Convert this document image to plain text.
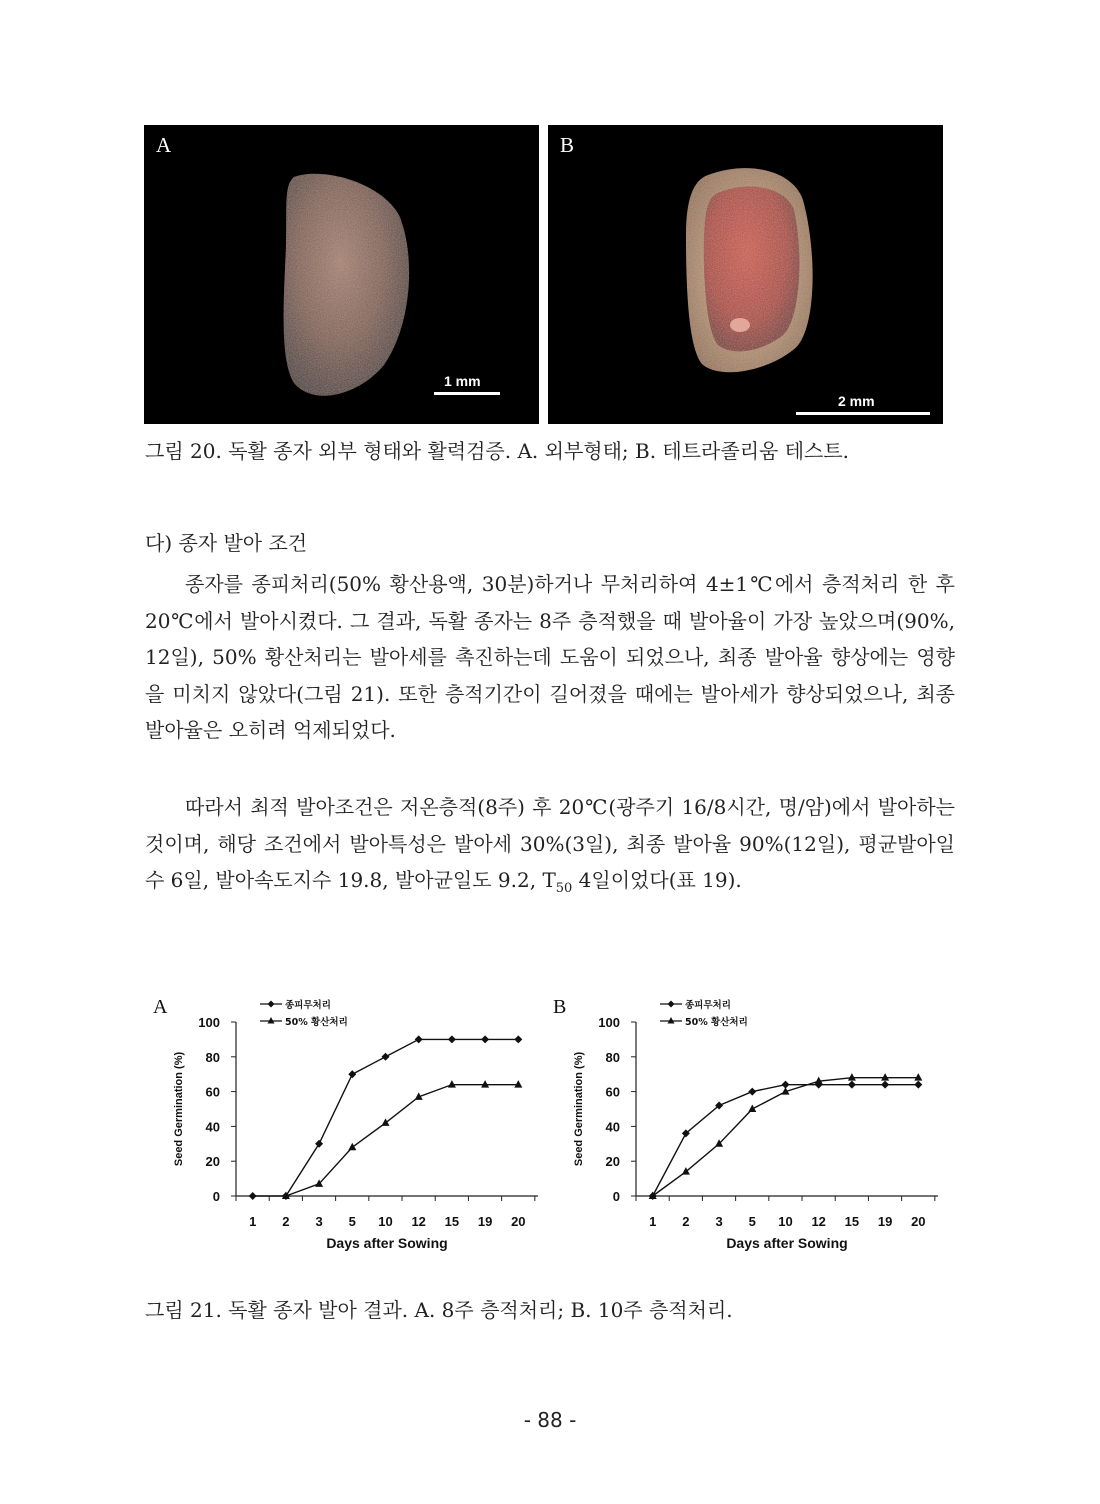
A
1 mm
B
2 mm
그림 20. 독활 종자 외부 형태와 활력검증. A. 외부형태; B. 테트라졸리움 테스트.
다) 종자 발아 조건

종자를 종피처리(50% 황산용액, 30분)하거나 무처리하여 4±1℃에서 층적처리 한 후 20℃에서 발아시켰다. 그 결과, 독활 종자는 8주 층적했을 때 발아율이 가장 높았으며(90%, 12일), 50% 황산처리는 발아세를 촉진하는데 도움이 되었으나, 최종 발아율 향상에는 영향을 미치지 않았다(그림 21). 또한 층적기간이 길어졌을 때에는 발아세가 향상되었으나, 최종 발아율은 오히려 억제되었다.

따라서 최적 발아조건은 저온층적(8주) 후 20℃(광주기 16/8시간, 명/암)에서 발아하는 것이며, 해당 조건에서 발아특성은 발아세 30%(3일), 최종 발아율 90%(12일), 평균발아일수 6일, 발아속도지수 19.8, 발아균일도 9.2, $T_{50}$ 4일이었다(표 19).

A
0
20
40
60
80
100
1 2 3 5 10 12 15 19 20
Days after Sowing
Seed Germination (%)
종피무처리
50% 황산처리
B
0
20
40
60
80
100
1 2 3 5 10 12 15 19 20
Days after Sowing
Seed Germination (%)
종피무처리
50% 황산처리
그림 21. 독활 종자 발아 결과. A. 8주 층적처리; B. 10주 층적처리.
- 88 -
